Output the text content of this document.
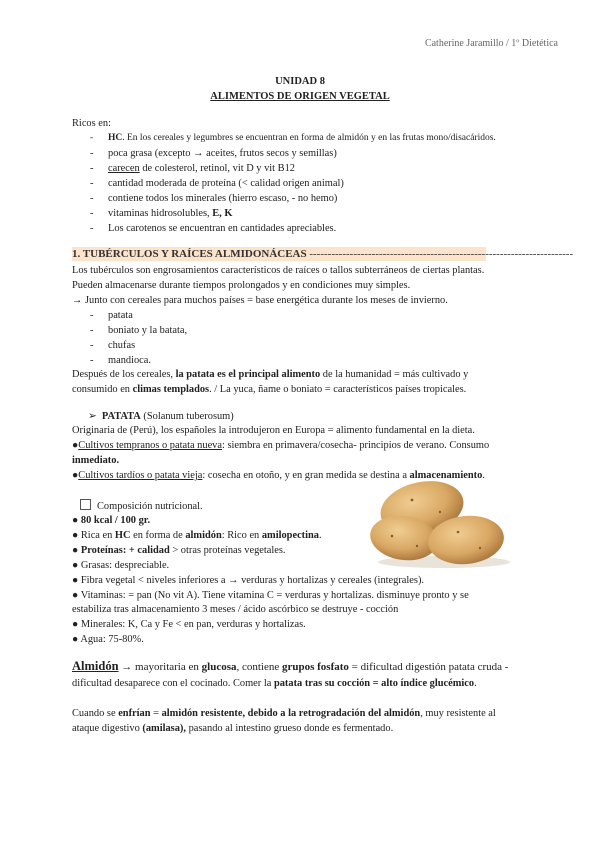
Catherine Jaramillo / 1º Dietética
UNIDAD 8
ALIMENTOS DE ORIGEN VEGETAL
Ricos en:
- HC. En los cereales y legumbres se encuentran en forma de almidón y en las frutas mono/disacáridos.
- poca grasa (excepto → aceites, frutos secos y semillas)
- carecen de colesterol, retinol, vit D y vit B12
- cantidad moderada de proteína (< calidad origen animal)
- contiene todos los minerales (hierro escaso, - no hemo)
- vitaminas hidrosolubles, E, K
- Los carotenos se encuentran en cantidades apreciables.
1. TUBÉRCULOS Y RAÍCES ALMIDONÁCEAS ------------------------------------------------------------------------
Los tubérculos son engrosamientos característicos de raíces o tallos subterráneos de ciertas plantas.
Pueden almacenarse durante tiempos prolongados y en condiciones muy simples.
→ Junto con cereales para muchos países = base energética durante los meses de invierno.
- patata
- boniato y la batata,
- chufas
- mandioca.
Después de los cereales, la patata es el principal alimento de la humanidad = más cultivado y
consumido en climas templados. / La yuca, ñame o boniato = característicos países tropicales.
➢ PATATA (Solanum tuberosum)
Originaria de (Perú), los españoles la introdujeron en Europa = alimento fundamental en la dieta.
●Cultivos tempranos o patata nueva: siembra en primavera/cosecha- principios de verano. Consumo
inmediato.
●Cultivos tardíos o patata vieja: cosecha en otoño, y en gran medida se destina a almacenamiento.
Composición nutricional.
● 80 kcal / 100 gr.
● Rica en HC en forma de almidón: Rico en amilopectina.
● Proteínas: + calidad > otras proteínas vegetales.
● Grasas: despreciable.
● Fibra vegetal < niveles inferiores a → verduras y hortalizas y cereales (integrales).
● Vitaminas: = pan (No vit A). Tiene vitamina C = verduras y hortalizas. disminuye pronto y se
estabiliza tras almacenamiento 3 meses / ácido ascórbico se destruye - cocción
● Minerales: K, Ca y Fe < en pan, verduras y hortalizas.
● Agua: 75-80%.
Almidón → mayoritaria en glucosa, contiene grupos fosfato = dificultad digestión patata cruda -
dificultad desaparece con el cocinado. Comer la patata tras su cocción = alto índice glucémico.
Cuando se enfrían = almidón resistente, debido a la retrogradación del almidón, muy resistente al
ataque digestivo (amilasa), pasando al intestino grueso donde es fermentado.
